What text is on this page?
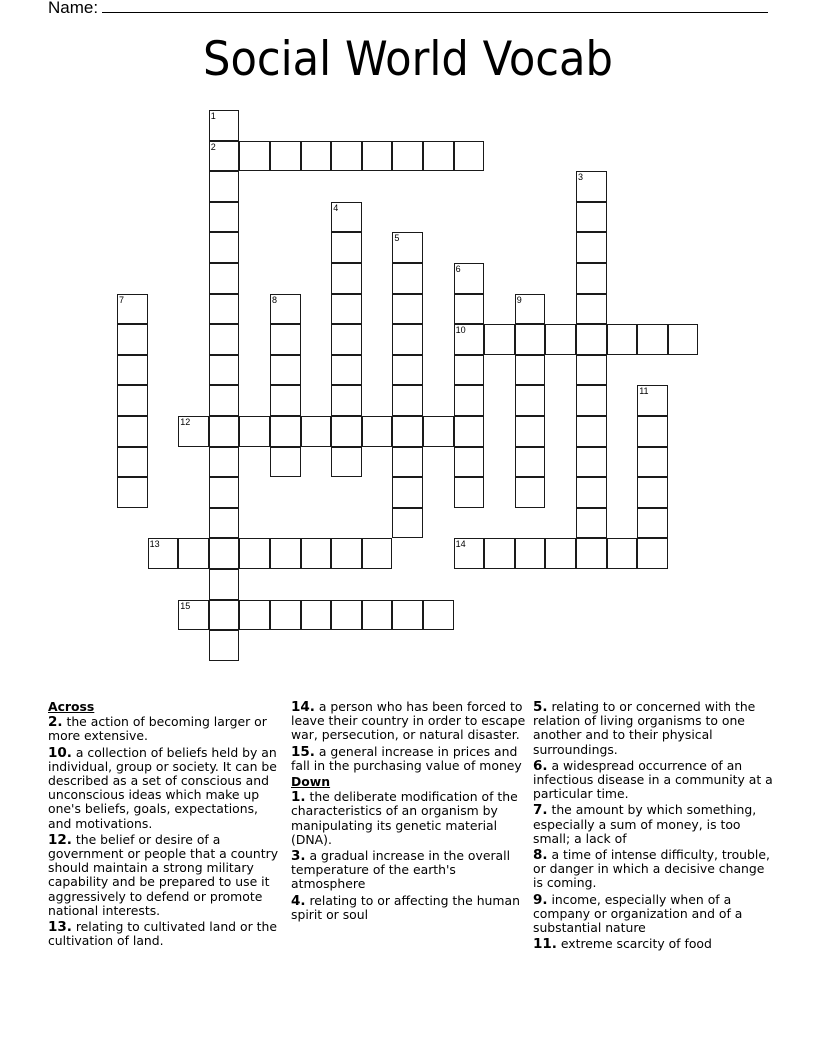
Name:
Social World Vocab
1
2
3
4
5
6
10
7	8	9
11
12
13	14
15
Across
2. the action of becoming larger or more extensive.
10. a collection of beliefs held by an individual, group or society. It can be described as a set of conscious and unconscious ideas which make up one's beliefs, goals, expectations, and motivations.
12. the belief or desire of a government or people that a country should maintain a strong military capability and be prepared to use it aggressively to defend or promote national interests.
13. relating to cultivated land or the cultivation of land.
14. a person who has been forced to leave their country in order to escape war, persecution, or natural disaster.
15. a general increase in prices and fall in the purchasing value of money
Down
1. the deliberate modification of the characteristics of an organism by manipulating its genetic material (DNA).
3. a gradual increase in the overall temperature of the earth's atmosphere
4. relating to or affecting the human spirit or soul
5. relating to or concerned with the relation of living organisms to one another and to their physical surroundings.
6. a widespread occurrence of an infectious disease in a community at a particular time.
7. the amount by which something, especially a sum of money, is too small; a lack of
8. a time of intense difficulty, trouble, or danger in which a decisive change is coming.
9. income, especially when of a company or organization and of a substantial nature
11. extreme scarcity of food
